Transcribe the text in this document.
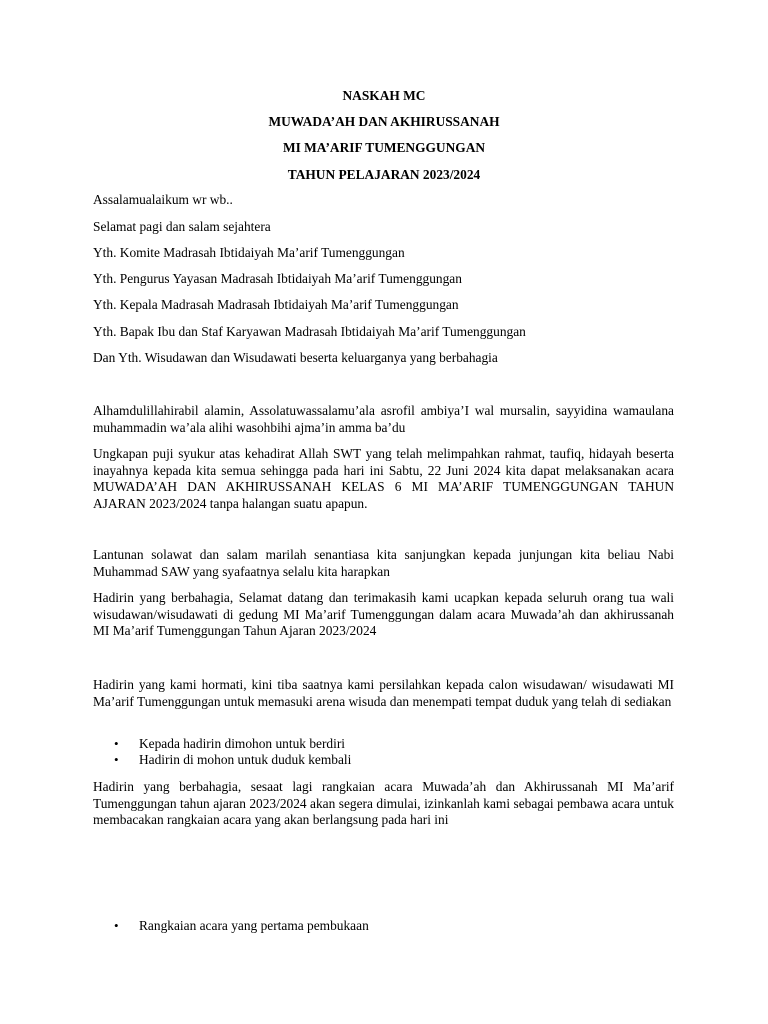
NASKAH MC

MUWADA’AH DAN AKHIRUSSANAH

MI MA’ARIF TUMENGGUNGAN

TAHUN PELAJARAN 2023/2024

Assalamualaikum wr wb..

Selamat pagi dan salam sejahtera

Yth. Komite Madrasah Ibtidaiyah Ma’arif Tumenggungan

Yth. Pengurus Yayasan Madrasah Ibtidaiyah Ma’arif Tumenggungan

Yth. Kepala Madrasah Madrasah Ibtidaiyah Ma’arif Tumenggungan

Yth. Bapak Ibu dan Staf Karyawan Madrasah Ibtidaiyah Ma’arif Tumenggungan

Dan Yth. Wisudawan dan Wisudawati beserta keluarganya yang berbahagia

Alhamdulillahirabil alamin, Assolatuwassalamu’ala asrofil ambiya’I wal mursalin, sayyidina wamaulana muhammadin wa’ala alihi wasohbihi ajma’in amma ba’du

Ungkapan puji syukur atas kehadirat Allah SWT yang telah melimpahkan rahmat, taufiq, hidayah beserta inayahnya kepada kita semua sehingga pada hari ini Sabtu, 22 Juni 2024 kita dapat melaksanakan acara MUWADA’AH DAN AKHIRUSSANAH KELAS 6 MI MA’ARIF TUMENGGUNGAN TAHUN AJARAN 2023/2024 tanpa halangan suatu apapun.

Lantunan solawat dan salam marilah senantiasa kita sanjungkan kepada junjungan kita beliau Nabi Muhammad SAW yang syafaatnya selalu kita harapkan

Hadirin yang berbahagia, Selamat datang dan terimakasih kami ucapkan kepada seluruh orang tua wali wisudawan/wisudawati di gedung MI Ma’arif Tumenggungan dalam acara Muwada’ah dan akhirussanah MI Ma’arif Tumenggungan Tahun Ajaran 2023/2024

Hadirin yang kami hormati, kini tiba saatnya kami persilahkan kepada calon wisudawan/ wisudawati MI Ma’arif Tumenggungan untuk memasuki arena wisuda dan menempati tempat duduk yang telah di sediakan

• Kepada hadirin dimohon untuk berdiri
• Hadirin di mohon untuk duduk kembali

Hadirin yang berbahagia, sesaat lagi rangkaian acara Muwada’ah dan Akhirussanah MI Ma’arif Tumenggungan tahun ajaran 2023/2024 akan segera dimulai, izinkanlah kami sebagai pembawa acara untuk membacakan rangkaian acara yang akan berlangsung pada hari ini

• Rangkaian acara yang pertama pembukaan
